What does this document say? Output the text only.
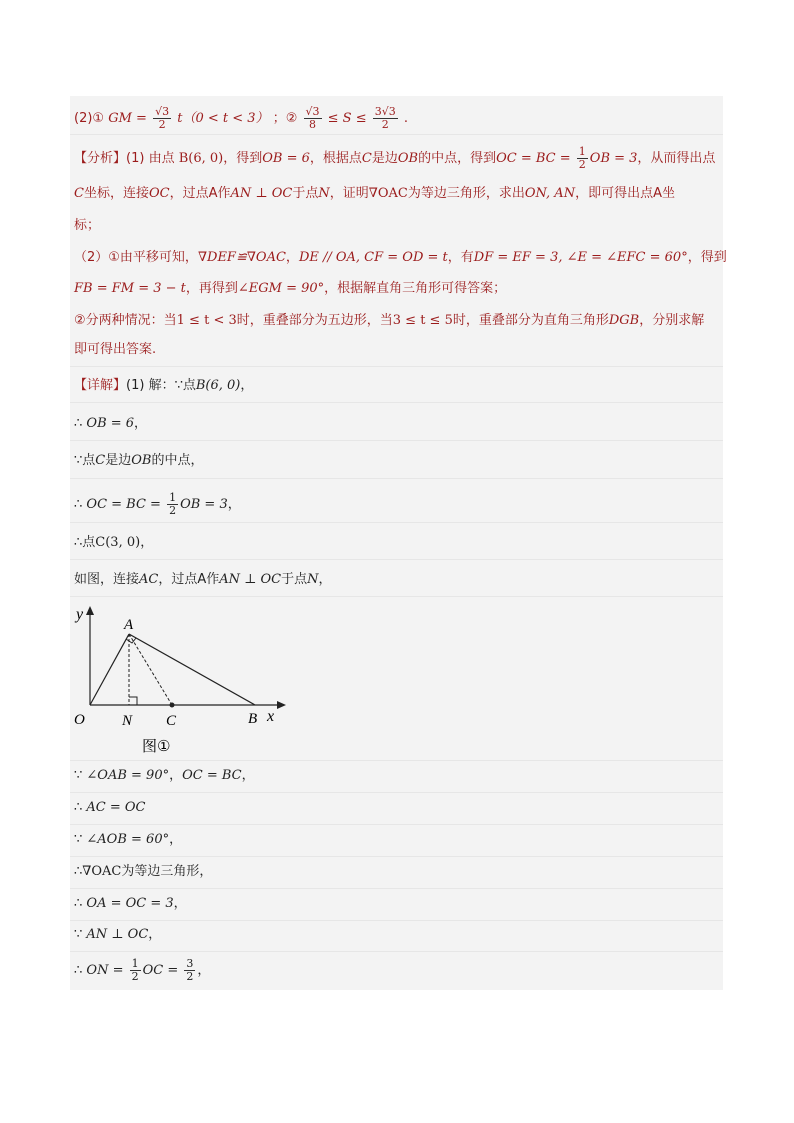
(2)① GM = $\frac{√3}{2} t(0 < t < 3)$ ；② $\frac{√3}{8} \le S \le \frac{3√3}{2}$ .
【分析】(1) 由点 B(6, 0)，得到OB = 6，根据点C是边OB的中点，得到OC = BC = $\frac{1}{2}$ OB = 3，从而得出点
C坐标，连接OC，过点A作AN ⊥ OC于点N，证明∇OAC为等边三角形，求出ON, AN，即可得出点A坐
标；
（2）①由平移可知，∇DEF≌∇OAC，DE // OA, CF = OD = t，有DF = EF = 3, ∠E = ∠EFC = 60°，得到
FB = FM = 3 − t，再得到∠EGM = 90°，根据解直角三角形可得答案；
②分两种情况：当1 ≤ t < 3时，重叠部分为五边形，当3 ≤ t ≤ 5时，重叠部分为直角三角形DGB，分别求解
即可得出答案.
【详解】(1) 解：∵点B(6, 0)，
∴ OB = 6，
∵点C是边OB的中点，
∴ OC = BC = $\frac{1}{2}$ OB = 3，
∴点C(3, 0)，
如图，连接AC，过点A作AN ⊥ OC于点N，
y
x
A
O N C	B
图①
∵ ∠OAB = 90°，OC = BC，
∴ AC = OC
∵ ∠AOB = 60°，
∴∇OAC为等边三角形，
∴ OA = OC = 3，
∵ AN ⊥ OC，
∴ ON = $\frac{1}{2}$ OC = $\frac{3}{2}$ ，
